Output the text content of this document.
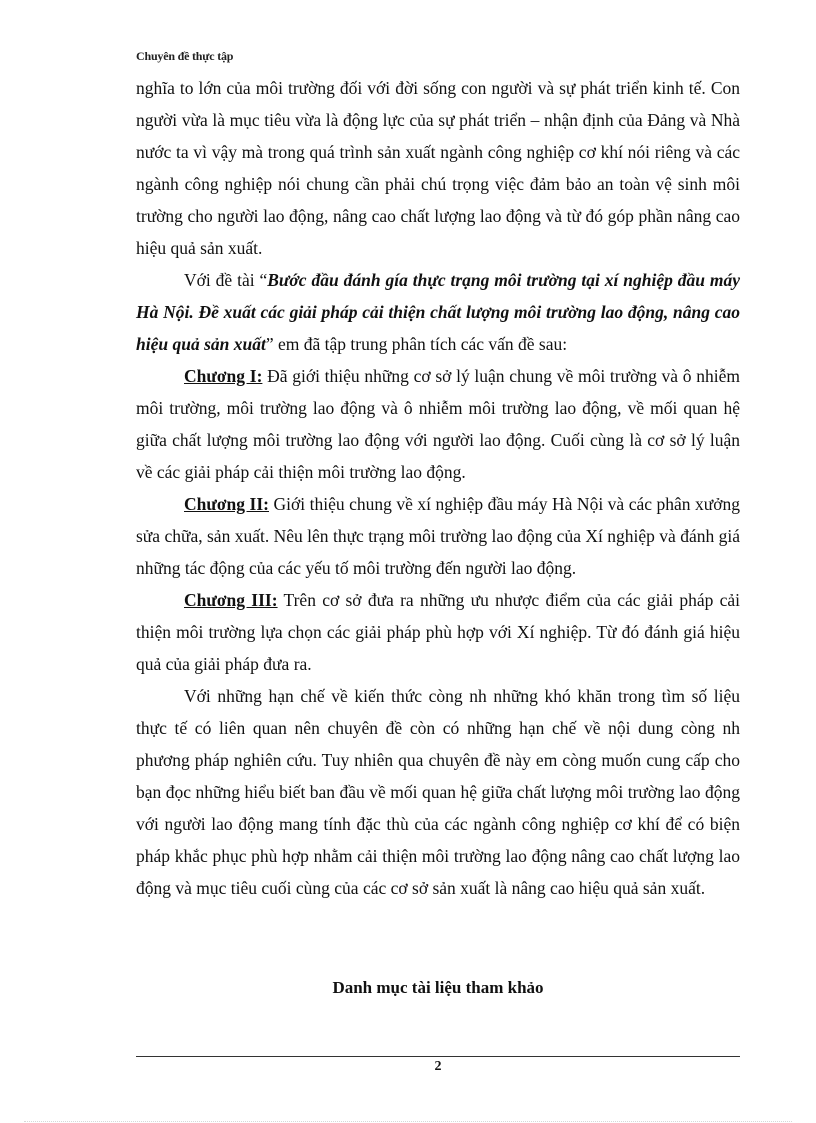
Chuyên đề thực tập

nghĩa to lớn của môi trường đối với đời sống con người và sự phát triển kinh tế. Con người vừa là mục tiêu vừa là động lực của sự phát triển – nhận định của Đảng và Nhà nước ta vì vậy mà trong quá trình sản xuất ngành công nghiệp cơ khí nói riêng và các ngành công nghiệp nói chung cần phải chú trọng việc đảm bảo an toàn vệ sinh môi trường cho người lao động, nâng cao chất lượng lao động và từ đó góp phần nâng cao hiệu quả sản xuất.

Với đề tài “Bước đầu đánh gía thực trạng môi trường tại xí nghiệp đầu máy Hà Nội. Đề xuất các giải pháp cải thiện chất lượng môi trường lao động, nâng cao hiệu quả sản xuất” em đã tập trung phân tích các vấn đề sau:

Chương I: Đã giới thiệu những cơ sở lý luận chung về môi trường và ô nhiễm môi trường, môi trường lao động và ô nhiễm môi trường lao động, về mối quan hệ giữa chất lượng môi trường lao động với người lao động. Cuối cùng là cơ sở lý luận về các giải pháp cải thiện môi trường lao động.

Chương II: Giới thiệu chung về xí nghiệp đầu máy Hà Nội và các phân xưởng sửa chữa, sản xuất. Nêu lên thực trạng môi trường lao động của Xí nghiệp và đánh giá những tác động của các yếu tố môi trường đến người lao động.

Chương III: Trên cơ sở đưa ra những ưu nhược điểm của các giải pháp cải thiện môi trường lựa chọn các giải pháp phù hợp với Xí nghiệp. Từ đó đánh giá hiệu quả của giải pháp đưa ra.

Với những hạn chế về kiến thức còng nh những khó khăn trong tìm số liệu thực tế có liên quan nên chuyên đề còn có những hạn chế về nội dung còng nh phương pháp nghiên cứu. Tuy nhiên qua chuyên đề này em còng muốn cung cấp cho bạn đọc những hiểu biết ban đầu về mối quan hệ giữa chất lượng môi trường lao động với người lao động mang tính đặc thù của các ngành công nghiệp cơ khí để có biện pháp khắc phục phù hợp nhằm cải thiện môi trường lao động nâng cao chất lượng lao động và mục tiêu cuối cùng của các cơ sở sản xuất là nâng cao hiệu quả sản xuất.

Danh mục tài liệu tham khảo
2
